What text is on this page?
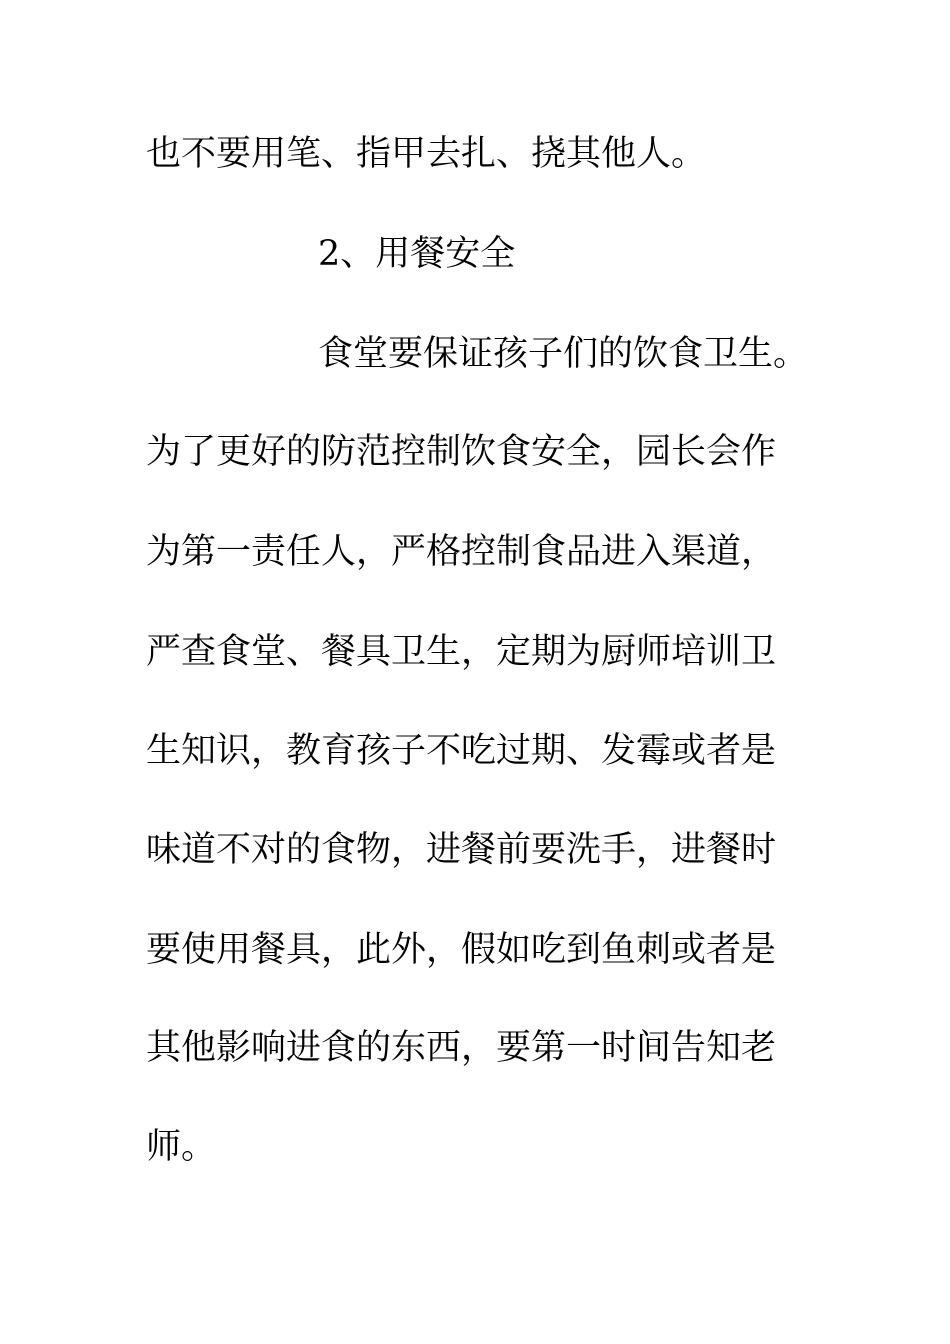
也不要用笔、指甲去扎、挠其他人。
2、用餐安全
食堂要保证孩子们的饮食卫生。
为了更好的防范控制饮食安全，园长会作
为第一责任人，严格控制食品进入渠道，
严查食堂、餐具卫生，定期为厨师培训卫
生知识，教育孩子不吃过期、发霉或者是
味道不对的食物，进餐前要洗手，进餐时
要使用餐具，此外，假如吃到鱼刺或者是
其他影响进食的东西，要第一时间告知老
师。
